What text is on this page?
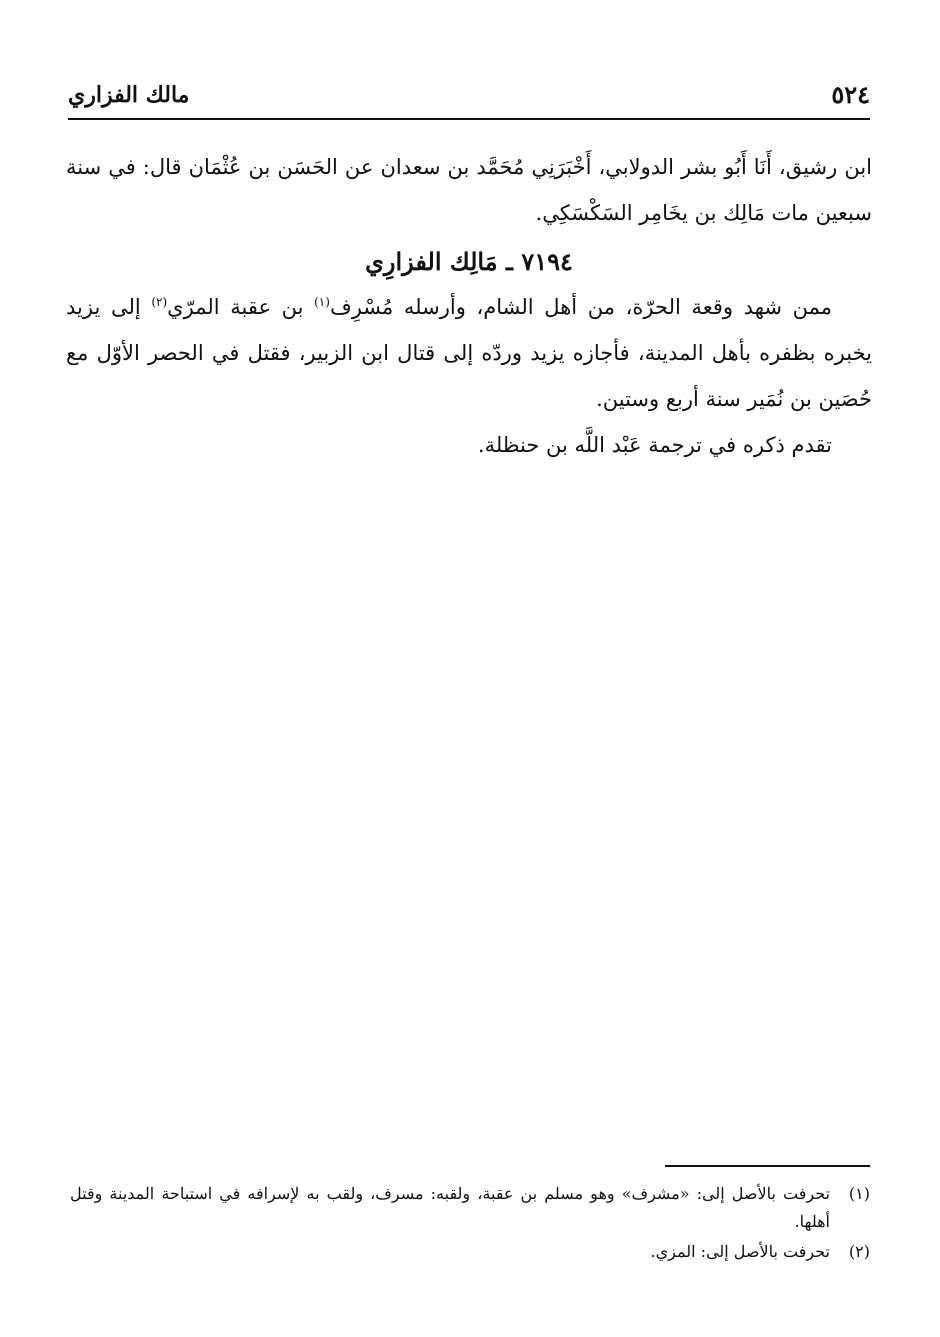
٥٢٤
مالك الفزاري

ابن رشيق، أَنَا أَبُو بشر الدولابي، أَخْبَرَنِي مُحَمَّد بن سعدان عن الحَسَن بن عُثْمَان قال: في سنة سبعين مات مَالِك بن يخَامِر السَكْسَكِي.

٧١٩٤ ـ مَالِك الفزارِي

ممن شهد وقعة الحرّة، من أهل الشام، وأرسله مُسْرِف$^{(١)}$ بن عقبة المرّي$^{(٢)}$ إلى يزيد يخبره بظفره بأهل المدينة، فأجازه يزيد وردّه إلى قتال ابن الزبير، فقتل في الحصر الأوّل مع حُصَين بن نُمَير سنة أربع وستين.

تقدم ذكره في ترجمة عَبْد اللَّه بن حنظلة.

(١)
تحرفت بالأصل إلى: «مشرف» وهو مسلم بن عقبة، ولقبه: مسرف، ولقب به لإسرافه في استباحة المدينة وقتل أهلها.
(٢)
تحرفت بالأصل إلى: المزي.
